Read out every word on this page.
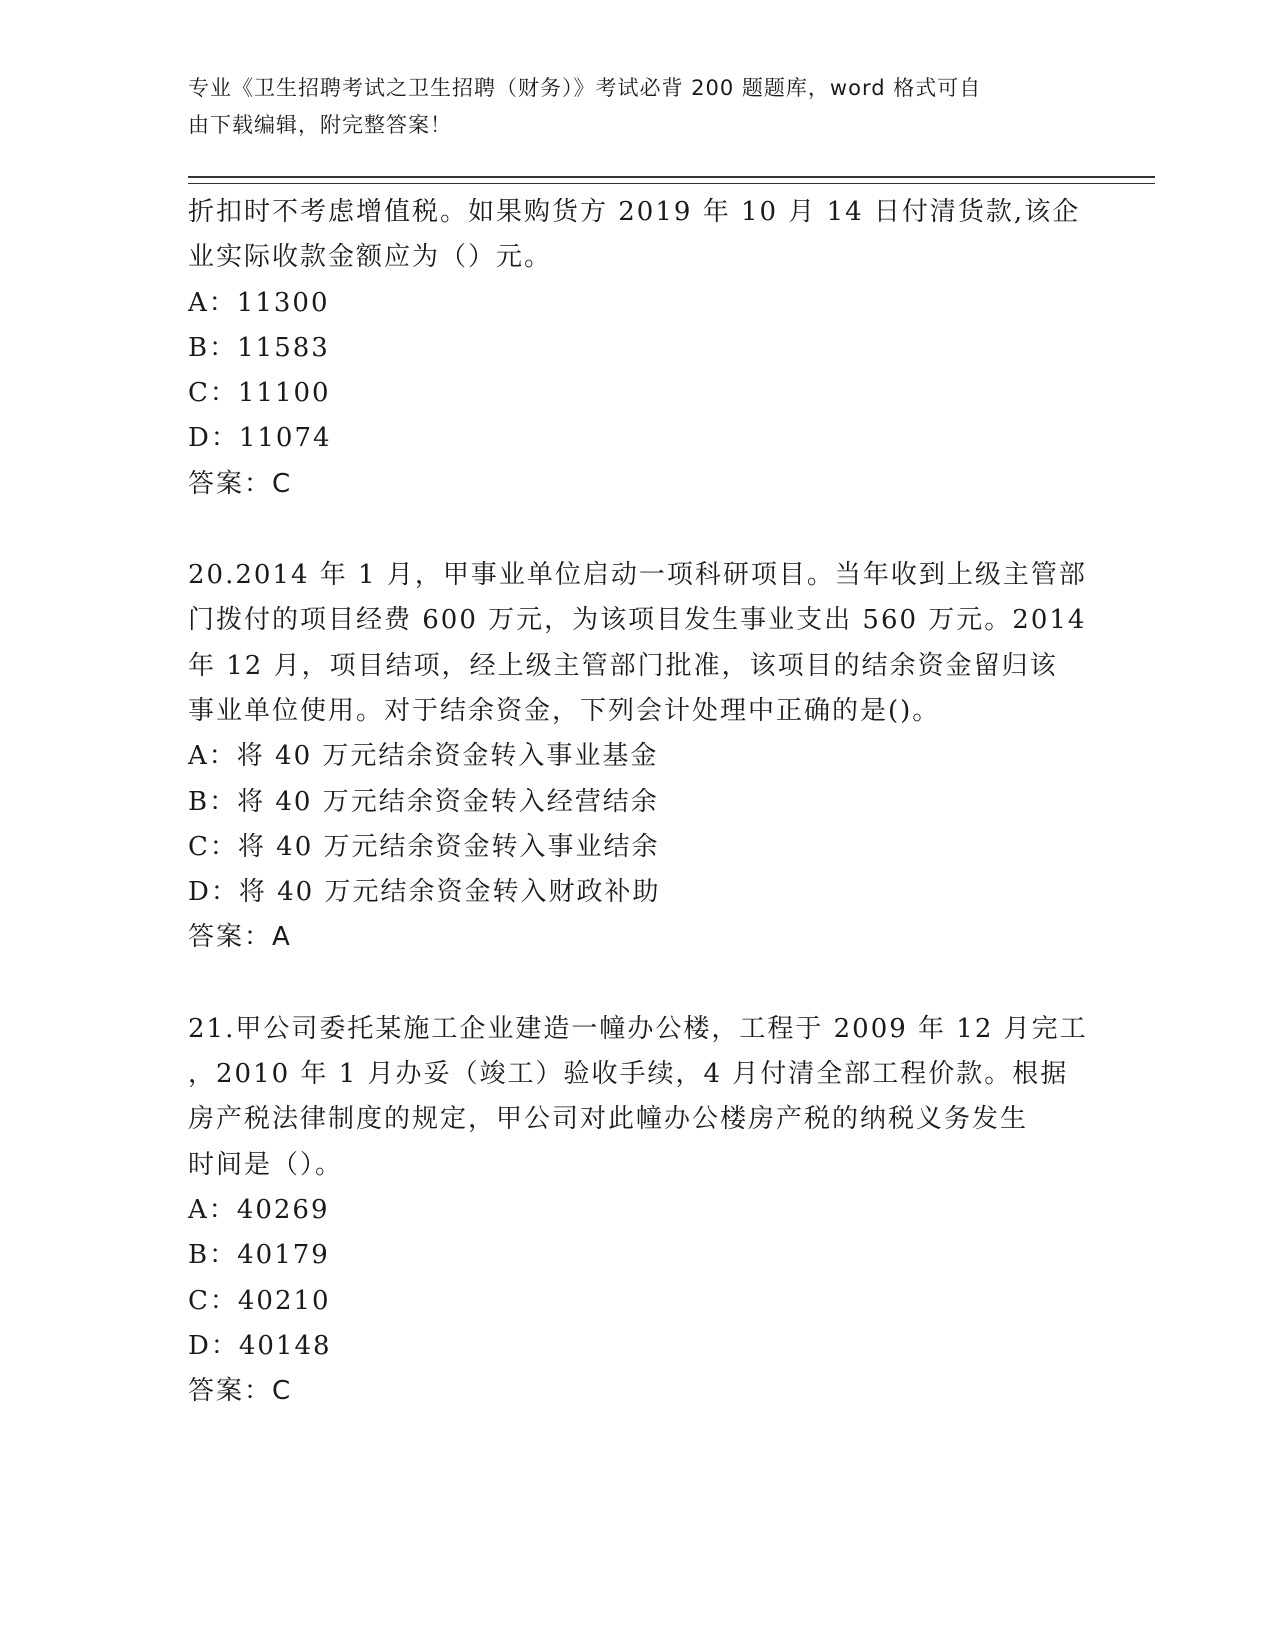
专业《卫生招聘考试之卫生招聘（财务）》考试必背 200 题题库，word 格式可自
由下载编辑，附完整答案！
折扣时不考虑增值税。如果购货方 2019 年 10 月 14 日付清货款,该企
业实际收款金额应为（）元。
A：11300
B：11583
C：11100
D：11074
答案：C
20.2014 年 1 月，甲事业单位启动一项科研项目。当年收到上级主管部
门拨付的项目经费 600 万元，为该项目发生事业支出 560 万元。2014
年 12 月，项目结项，经上级主管部门批准，该项目的结余资金留归该
事业单位使用。对于结余资金，下列会计处理中正确的是()。
A：将 40 万元结余资金转入事业基金
B：将 40 万元结余资金转入经营结余
C：将 40 万元结余资金转入事业结余
D：将 40 万元结余资金转入财政补助
答案：A
21.甲公司委托某施工企业建造一幢办公楼，工程于 2009 年 12 月完工
，2010 年 1 月办妥（竣工）验收手续，4 月付清全部工程价款。根据
房产税法律制度的规定，甲公司对此幢办公楼房产税的纳税义务发生
时间是（）。
A：40269
B：40179
C：40210
D：40148
答案：C
